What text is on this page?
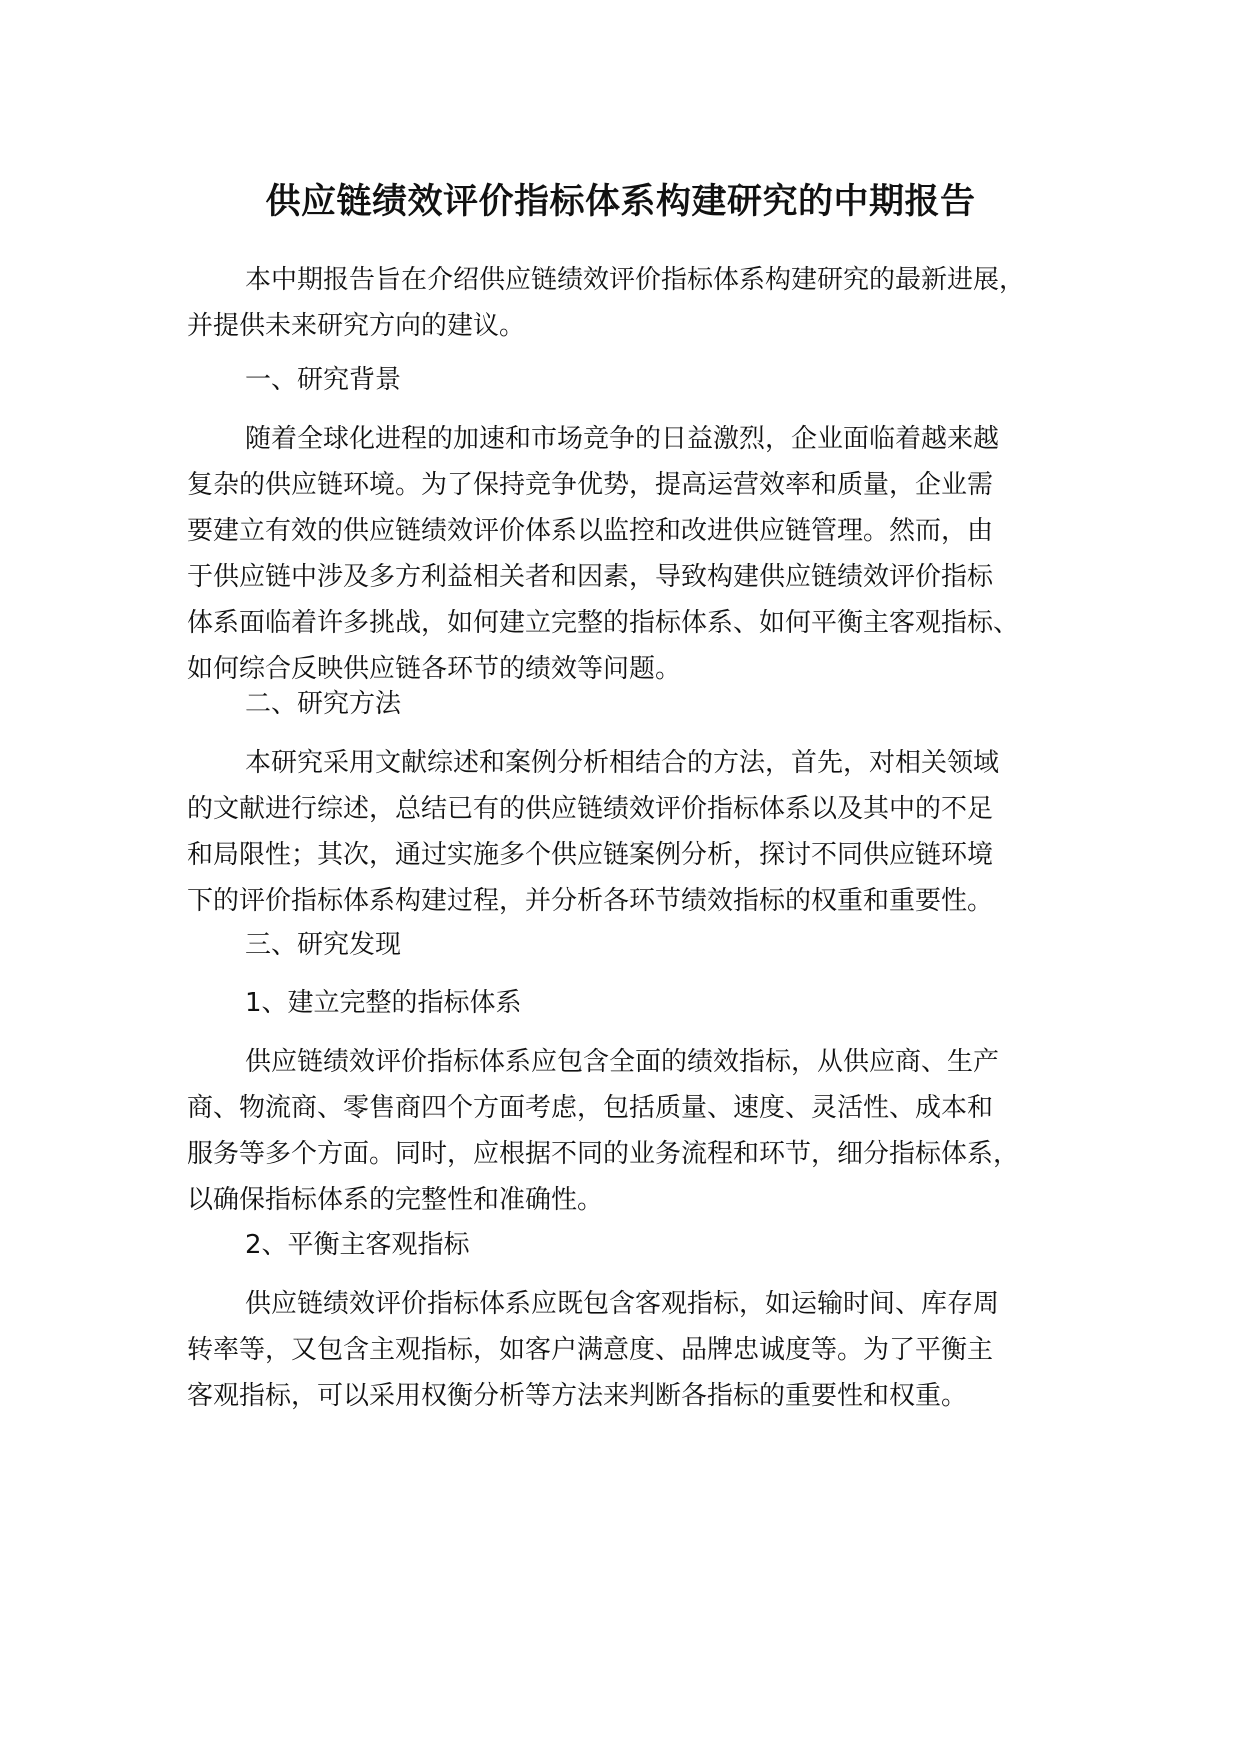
供应链绩效评价指标体系构建研究的中期报告
本中期报告旨在介绍供应链绩效评价指标体系构建研究的最新进展，
并提供未来研究方向的建议。
一、研究背景
随着全球化进程的加速和市场竞争的日益激烈，企业面临着越来越
复杂的供应链环境。为了保持竞争优势，提高运营效率和质量，企业需
要建立有效的供应链绩效评价体系以监控和改进供应链管理。然而，由
于供应链中涉及多方利益相关者和因素，导致构建供应链绩效评价指标
体系面临着许多挑战，如何建立完整的指标体系、如何平衡主客观指标、
如何综合反映供应链各环节的绩效等问题。
二、研究方法
本研究采用文献综述和案例分析相结合的方法，首先，对相关领域
的文献进行综述，总结已有的供应链绩效评价指标体系以及其中的不足
和局限性；其次，通过实施多个供应链案例分析，探讨不同供应链环境
下的评价指标体系构建过程，并分析各环节绩效指标的权重和重要性。
三、研究发现
1、建立完整的指标体系
供应链绩效评价指标体系应包含全面的绩效指标，从供应商、生产
商、物流商、零售商四个方面考虑，包括质量、速度、灵活性、成本和
服务等多个方面。同时，应根据不同的业务流程和环节，细分指标体系，
以确保指标体系的完整性和准确性。
2、平衡主客观指标
供应链绩效评价指标体系应既包含客观指标，如运输时间、库存周
转率等，又包含主观指标，如客户满意度、品牌忠诚度等。为了平衡主
客观指标，可以采用权衡分析等方法来判断各指标的重要性和权重。
